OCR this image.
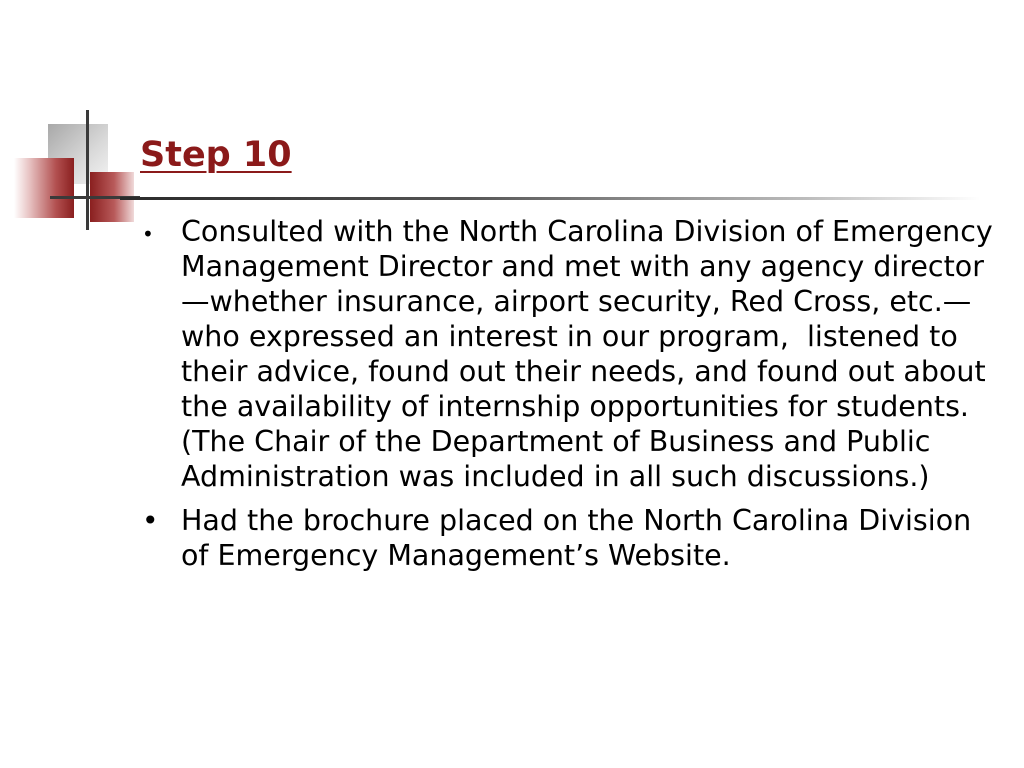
Step 10
• Consulted with the North Carolina Division of Emergency Management Director and met with any agency director—whether insurance, airport security, Red Cross, etc.—who expressed an interest in our program,  listened to their advice, found out their needs, and found out about the availability of internship opportunities for students.   (The Chair of the Department of Business and Public Administration was included in all such discussions.)
• Had the brochure placed on the North Carolina Division of Emergency Management’s Website.
